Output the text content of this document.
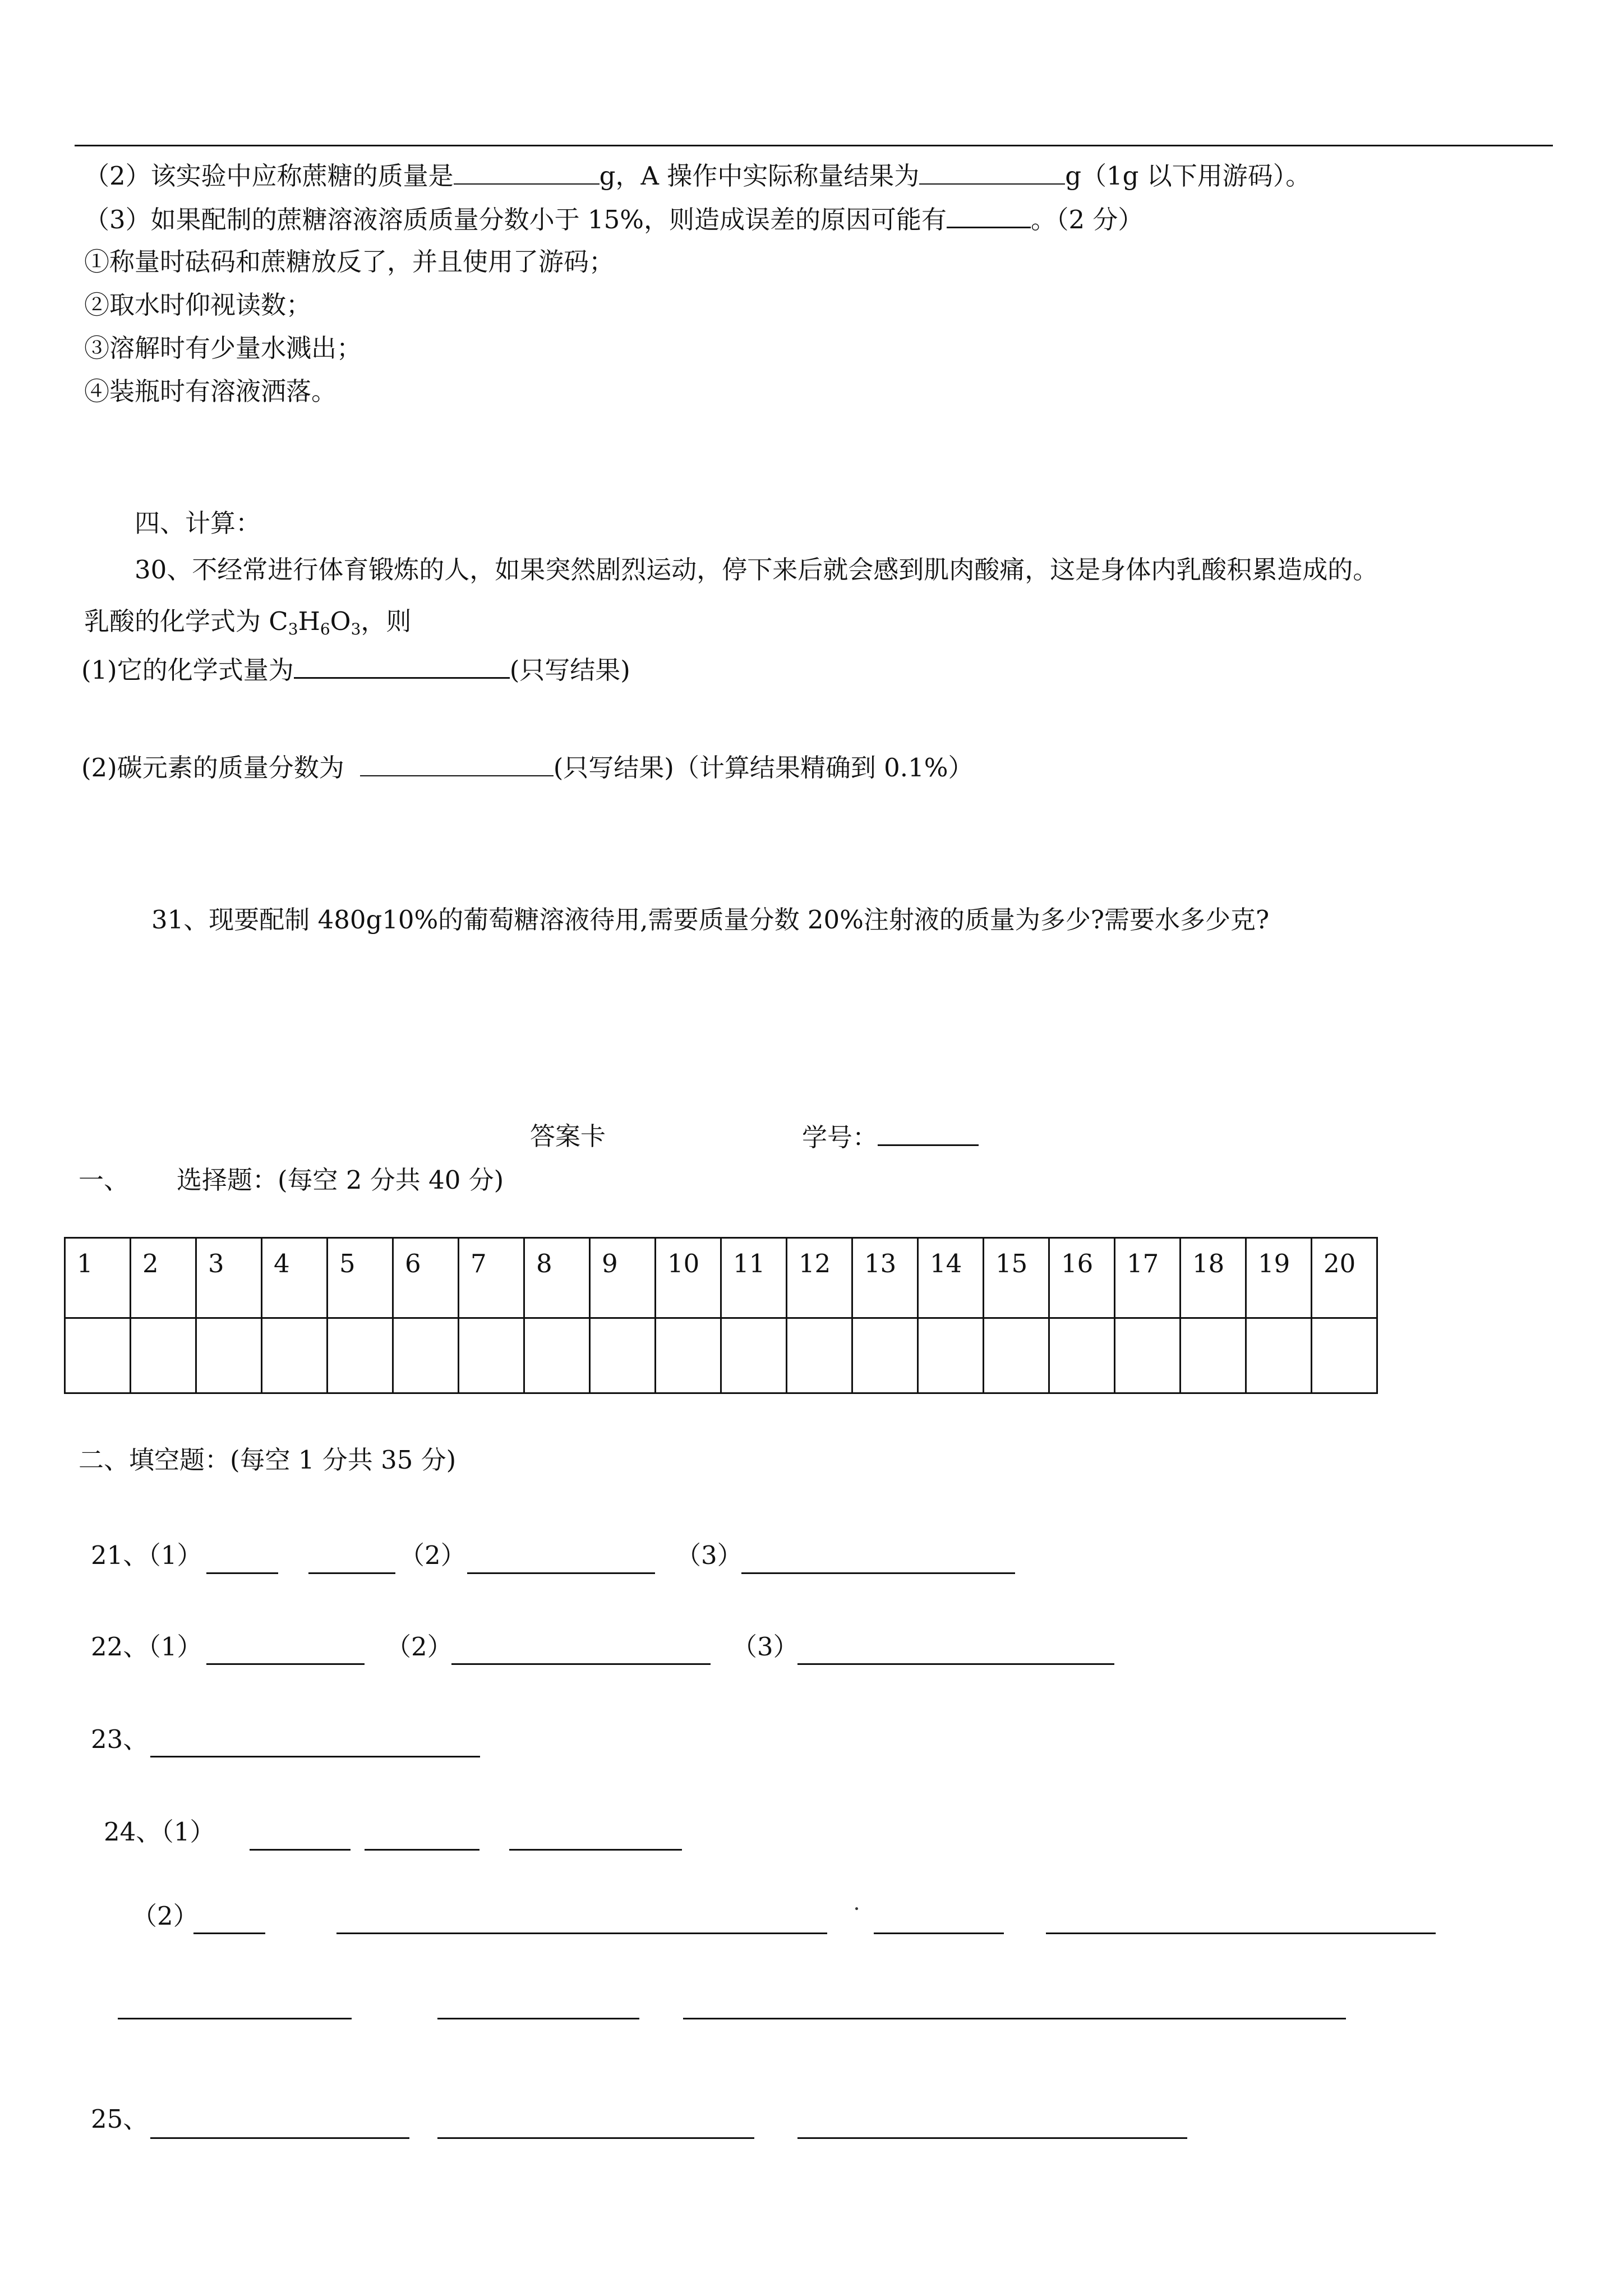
（2）该实验中应称蔗糖的质量是	g，A 操作中实际称量结果为	g（1g 以下用游码）。
（3）如果配制的蔗糖溶液溶质质量分数小于 15%，则造成误差的原因可能有	。（2 分）
①称量时砝码和蔗糖放反了，并且使用了游码；
②取水时仰视读数；
③溶解时有少量水溅出；
④装瓶时有溶液洒落。
四、计算：
30、不经常进行体育锻炼的人，如果突然剧烈运动，停下来后就会感到肌肉酸痛，这是身体内乳酸积累造成的。
乳酸的化学式为 $C_3H_6O_3$，则
(1)它的化学式量为	(只写结果)
(2)碳元素的质量分数为	(只写结果)（计算结果精确到 0.1%）
31、现要配制 480g10%的葡萄糖溶液待用,需要质量分数 20%注射液的质量为多少?需要水多少克?
答案卡	学号：
一、 选择题：(每空 2 分共 40 分)
1	2	3	4	5	6	7	8	9	10	11	12	13	14	15	16	17	18	19	20

二、填空题：(每空 1 分共 35 分)
21、（1）	（2）	（3）
22、（1）	（2）	（3）
23、
24、（1）
（2）
25、
